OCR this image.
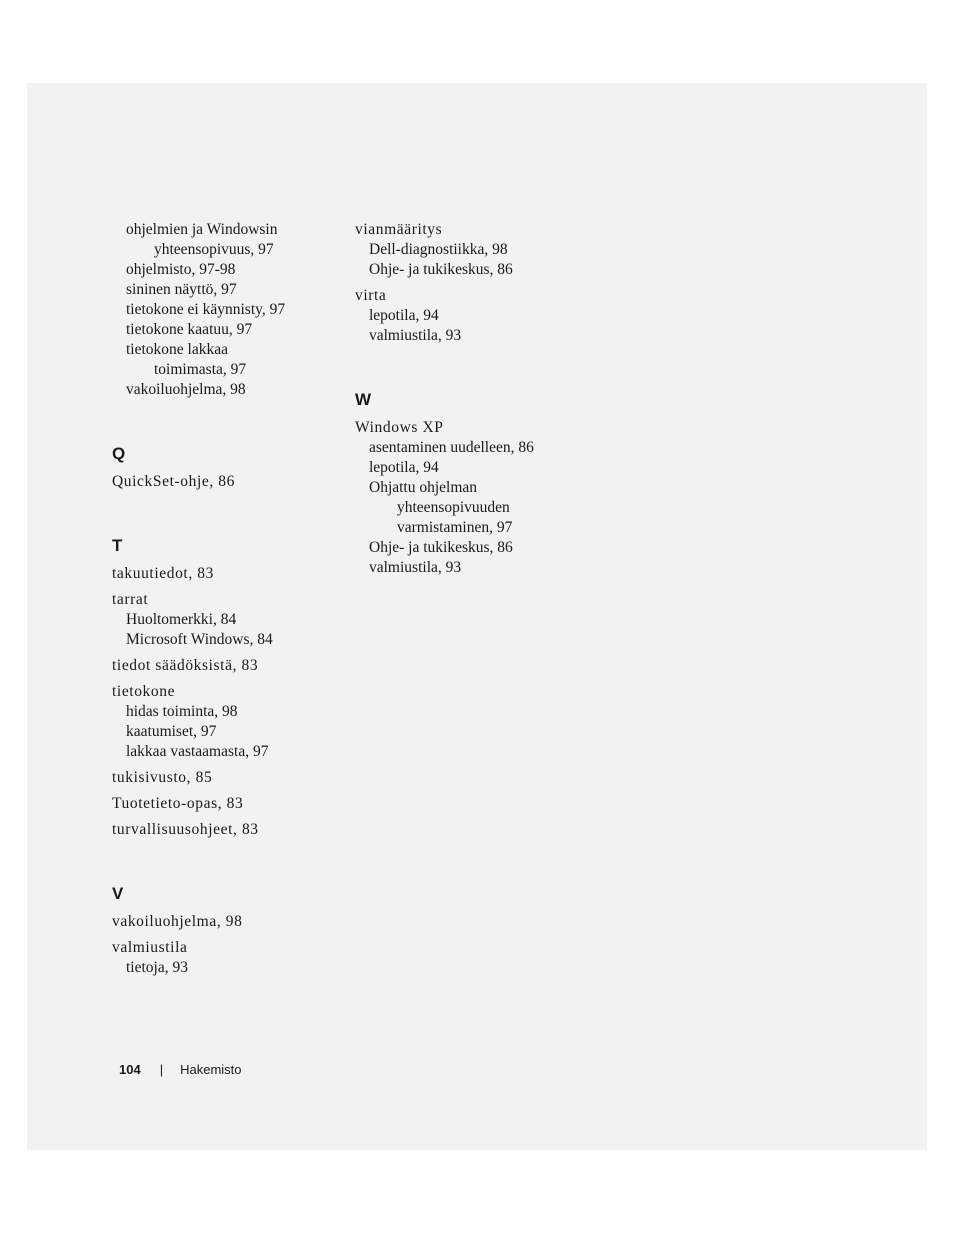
ohjelmien ja Windowsin
yhteensopivuus, 97
ohjelmisto, 97-98
sininen näyttö, 97
tietokone ei käynnisty, 97
tietokone kaatuu, 97
tietokone lakkaa
toimimasta, 97
vakoiluohjelma, 98
Q
QuickSet-ohje, 86
T
takuutiedot, 83
tarrat
Huoltomerkki, 84
Microsoft Windows, 84
tiedot säädöksistä, 83
tietokone
hidas toiminta, 98
kaatumiset, 97
lakkaa vastaamasta, 97
tukisivusto, 85
Tuotetieto-opas, 83
turvallisuusohjeet, 83
V
vakoiluohjelma, 98
valmiustila
tietoja, 93
vianmääritys
Dell-diagnostiikka, 98
Ohje- ja tukikeskus, 86
virta
lepotila, 94
valmiustila, 93
W
Windows XP
asentaminen uudelleen, 86
lepotila, 94
Ohjattu ohjelman
yhteensopivuuden
varmistaminen, 97
Ohje- ja tukikeskus, 86
valmiustila, 93
104 | Hakemisto
